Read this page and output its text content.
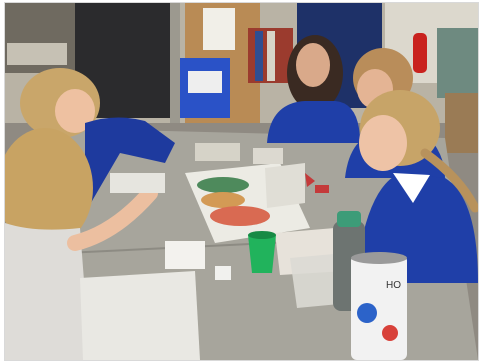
HO
